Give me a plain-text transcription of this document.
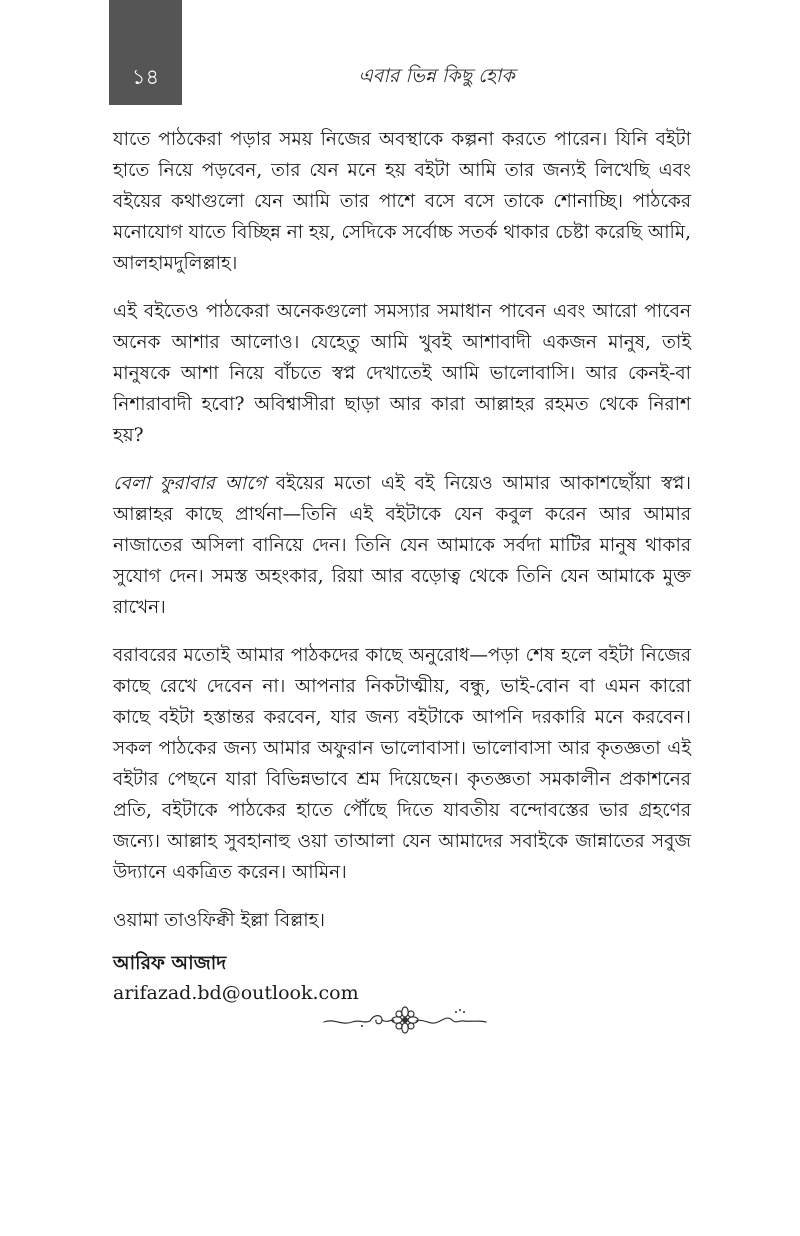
১৪	এবার ভিন্ন কিছু হোক

যাতে পাঠকেরা পড়ার সময় নিজের অবস্থাকে কল্পনা করতে পারেন। যিনি বইটা হাতে নিয়ে পড়বেন, তার যেন মনে হয় বইটা আমি তার জন্যই লিখেছি এবং বইয়ের কথাগুলো যেন আমি তার পাশে বসে বসে তাকে শোনাচ্ছি। পাঠকের মনোযোগ যাতে বিচ্ছিন্ন না হয়, সেদিকে সর্বোচ্চ সতর্ক থাকার চেষ্টা করেছি আমি, আলহামদুলিল্লাহ।

এই বইতেও পাঠকেরা অনেকগুলো সমস্যার সমাধান পাবেন এবং আরো পাবেন অনেক আশার আলোও। যেহেতু আমি খুবই আশাবাদী একজন মানুষ, তাই মানুষকে আশা নিয়ে বাঁচতে স্বপ্ন দেখাতেই আমি ভালোবাসি। আর কেনই-বা নিশারাবাদী হবো? অবিশ্বাসীরা ছাড়া আর কারা আল্লাহর রহমত থেকে নিরাশ হয়?

বেলা ফুরাবার আগে বইয়ের মতো এই বই নিয়েও আমার আকাশছোঁয়া স্বপ্ন। আল্লাহর কাছে প্রার্থনা—তিনি এই বইটাকে যেন কবুল করেন আর আমার নাজাতের অসিলা বানিয়ে দেন। তিনি যেন আমাকে সর্বদা মাটির মানুষ থাকার সুযোগ দেন। সমস্ত অহংকার, রিয়া আর বড়োত্ব থেকে তিনি যেন আমাকে মুক্ত রাখেন।

বরাবরের মতোই আমার পাঠকদের কাছে অনুরোধ—পড়া শেষ হলে বইটা নিজের কাছে রেখে দেবেন না। আপনার নিকটাত্মীয়, বন্ধু, ভাই-বোন বা এমন কারো কাছে বইটা হস্তান্তর করবেন, যার জন্য বইটাকে আপনি দরকারি মনে করবেন। সকল পাঠকের জন্য আমার অফুরান ভালোবাসা। ভালোবাসা আর কৃতজ্ঞতা এই বইটার পেছনে যারা বিভিন্নভাবে শ্রম দিয়েছেন। কৃতজ্ঞতা সমকালীন প্রকাশনের প্রতি, বইটাকে পাঠকের হাতে পৌঁছে দিতে যাবতীয় বন্দোবস্তের ভার গ্রহণের জন্যে। আল্লাহ সুবহানাহু ওয়া তাআলা যেন আমাদের সবাইকে জান্নাতের সবুজ উদ্যানে একত্রিত করেন। আমিন।

ওয়ামা তাওফিক্বী ইল্লা বিল্লাহ।

আরিফ আজাদ

arifazad.bd@outlook.com
